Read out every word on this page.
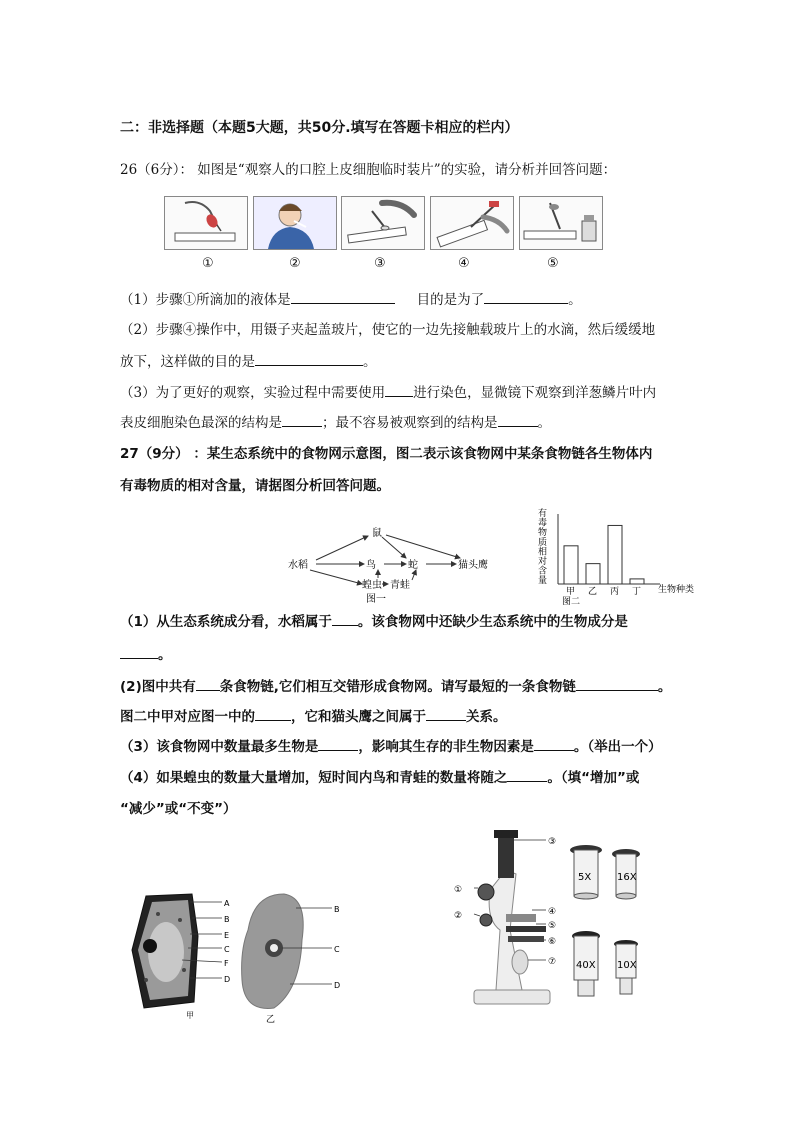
二：非选择题（本题5大题，共50分.填写在答题卡相应的栏内）
26（6分）： 如图是“观察人的口腔上皮细胞临时装片”的实验，请分析并回答问题：
①	②	③	④	⑤
（1）步骤①所滴加的液体是	目的是为了	。
（2）步骤④操作中，用镊子夹起盖玻片，使它的一边先接触载玻片上的水滴，然后缓缓地
放下，这样做的目的是	。
（3）为了更好的观察，实验过程中需要使用 进行染色，显微镜下观察到洋葱鳞片叶内
表皮细胞染色最深的结构是	；最不容易被观察到的结构是	。
27（9分） ：某生态系统中的食物网示意图，图二表示该食物网中某条食物链各生物体内
有毒物质的相对含量，请据图分析回答问题。
水稻
鼠
鸟	蛇	猫头鹰
蝗虫 青蛙
图一
有
毒
物
质
相
对
含
量
甲 乙 丙 丁 生物种类
图二
（1）从生态系统成分看，水稻属于 。该食物网中还缺少生态系统中的生物成分是
。
(2)图中共有 条食物链,它们相互交错形成食物网。请写最短的一条食物链	。
图二中甲对应图一中的	，它和猫头鹰之间属于	关系。
（3）该食物网中数量最多生物是	，影响其生存的非生物因素是	。（举出一个）
（4）如果蝗虫的数量大量增加，短时间内鸟和青蛙的数量将随之	。（填“增加”或
“减少”或“不变”）
A
B
E
C
F
D
甲
B
C
D
乙
③
①
②	④
⑤
⑥
⑦
5X	16X
40X 10X
